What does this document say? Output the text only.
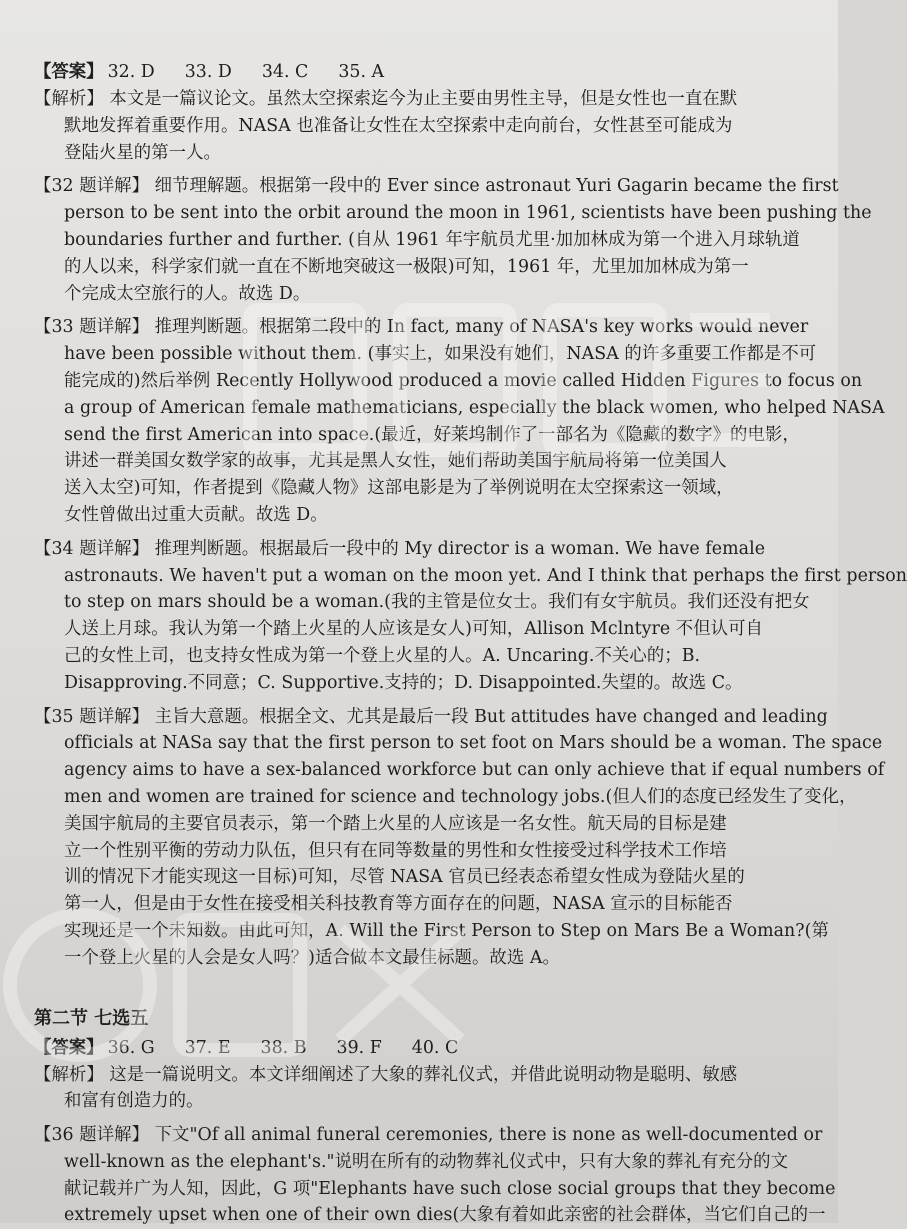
【答案】 32. D 33. D 34. C 35. A
【解析】 本文是一篇议论文。虽然太空探索迄今为止主要由男性主导，但是女性也一直在默
默地发挥着重要作用。NASA 也准备让女性在太空探索中走向前台，女性甚至可能成为
登陆火星的第一人。
【32 题详解】 细节理解题。根据第一段中的 Ever since astronaut Yuri Gagarin became the first
person to be sent into the orbit around the moon in 1961, scientists have been pushing the
boundaries further and further. (自从 1961 年宇航员尤里·加加林成为第一个进入月球轨道
的人以来，科学家们就一直在不断地突破这一极限)可知，1961 年，尤里加加林成为第一
个完成太空旅行的人。故选 D。
【33 题详解】 推理判断题。根据第二段中的 In fact, many of NASA's key works would never
have been possible without them. (事实上，如果没有她们，NASA 的许多重要工作都是不可
能完成的)然后举例 Recently Hollywood produced a movie called Hidden Figures to focus on
a group of American female mathematicians, especially the black women, who helped NASA
send the first American into space.(最近，好莱坞制作了一部名为《隐藏的数字》的电影，
讲述一群美国女数学家的故事，尤其是黑人女性，她们帮助美国宇航局将第一位美国人
送入太空)可知，作者提到《隐藏人物》这部电影是为了举例说明在太空探索这一领域，
女性曾做出过重大贡献。故选 D。
【34 题详解】 推理判断题。根据最后一段中的 My director is a woman. We have female
astronauts. We haven't put a woman on the moon yet. And I think that perhaps the first person
to step on mars should be a woman.(我的主管是位女士。我们有女宇航员。我们还没有把女
人送上月球。我认为第一个踏上火星的人应该是女人)可知，Allison Mclntyre 不但认可自
己的女性上司，也支持女性成为第一个登上火星的人。A. Uncaring.不关心的；B.
Disapproving.不同意；C. Supportive.支持的；D. Disappointed.失望的。故选 C。
【35 题详解】 主旨大意题。根据全文、尤其是最后一段 But attitudes have changed and leading
officials at NASa say that the first person to set foot on Mars should be a woman. The space
agency aims to have a sex-balanced workforce but can only achieve that if equal numbers of
men and women are trained for science and technology jobs.(但人们的态度已经发生了变化，
美国宇航局的主要官员表示，第一个踏上火星的人应该是一名女性。航天局的目标是建
立一个性别平衡的劳动力队伍，但只有在同等数量的男性和女性接受过科学技术工作培
训的情况下才能实现这一目标)可知，尽管 NASA 官员已经表态希望女性成为登陆火星的
第一人，但是由于女性在接受相关科技教育等方面存在的问题，NASA 宣示的目标能否
实现还是一个未知数。由此可知，A. Will the First Person to Step on Mars Be a Woman?(第
一个登上火星的人会是女人吗？)适合做本文最佳标题。故选 A。
第二节 七选五
【答案】 36. G 37. E 38. B 39. F 40. C
【解析】 这是一篇说明文。本文详细阐述了大象的葬礼仪式，并借此说明动物是聪明、敏感
和富有创造力的。
【36 题详解】 下文"Of all animal funeral ceremonies, there is none as well-documented or
well-known as the elephant's."说明在所有的动物葬礼仪式中，只有大象的葬礼有充分的文
献记载并广为人知，因此，G 项"Elephants have such close social groups that they become
extremely upset when one of their own dies(大象有着如此亲密的社会群体，当它们自己的一
